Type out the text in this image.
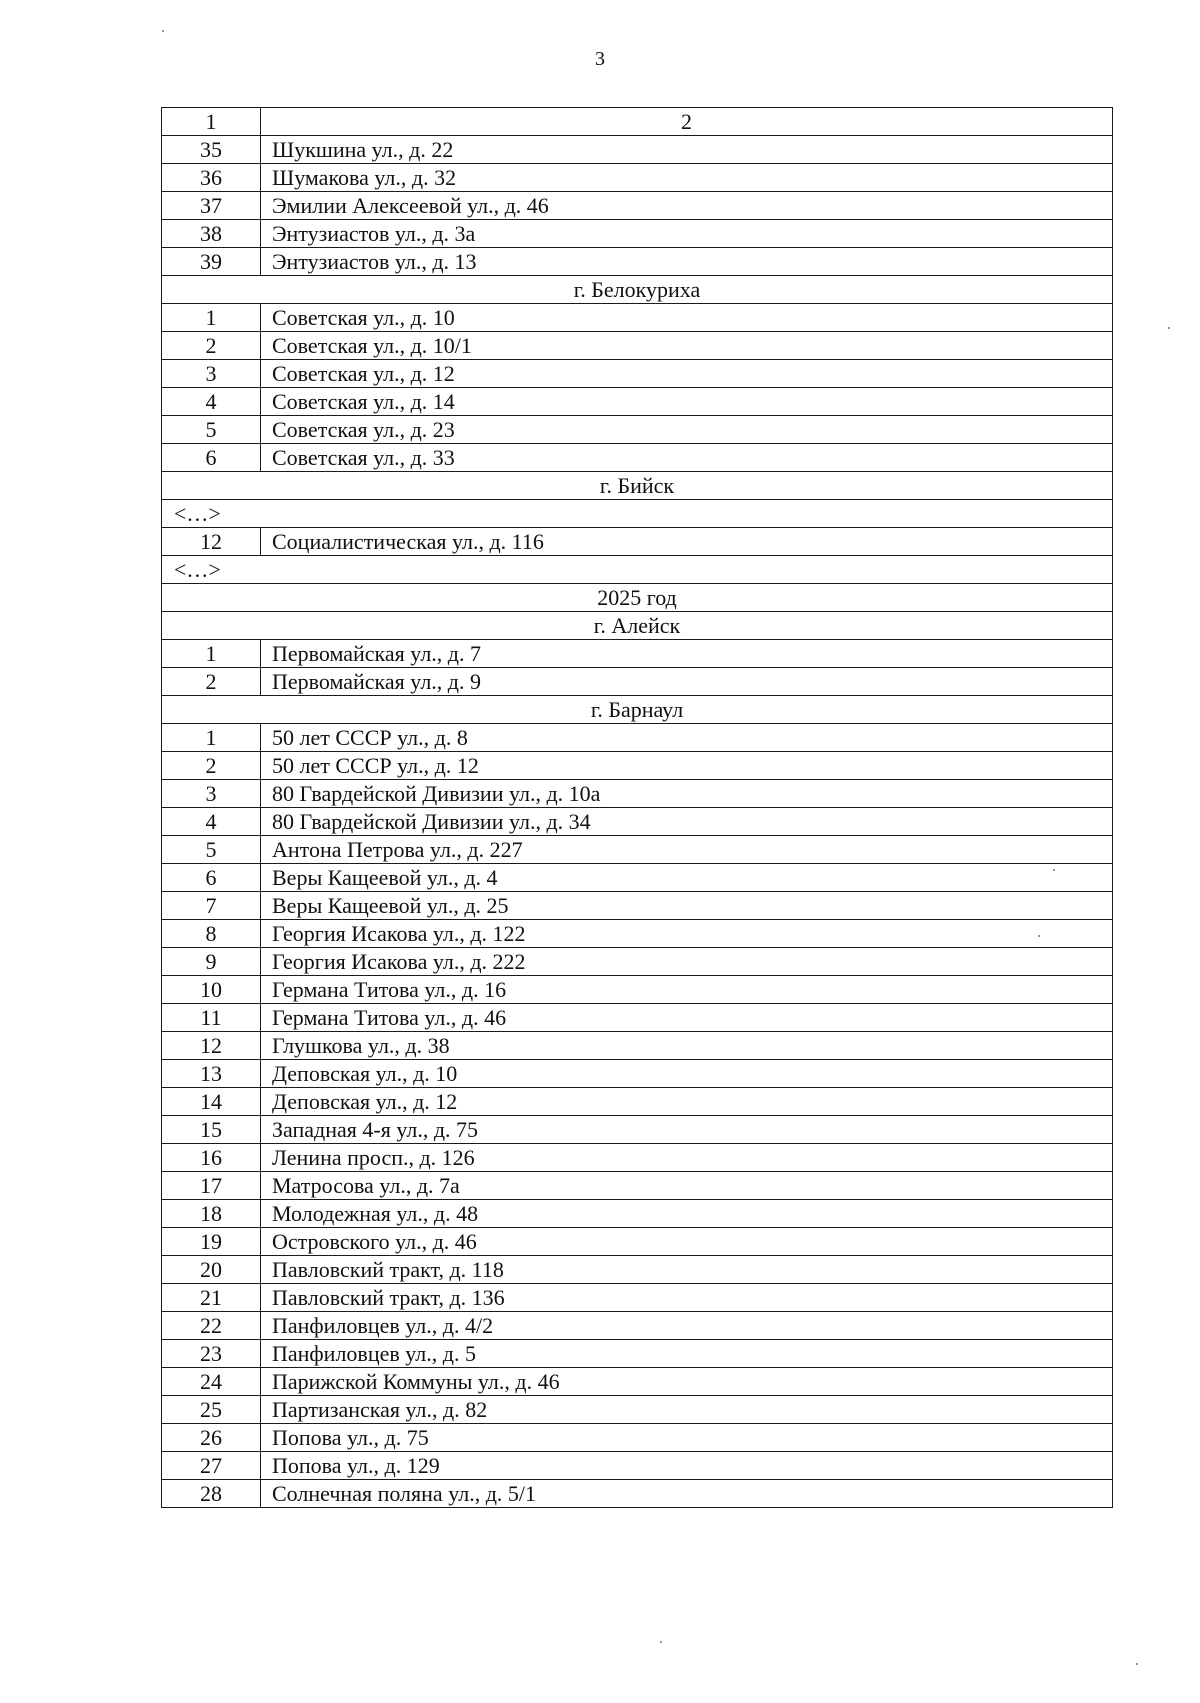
3
1	2
35	Шукшина ул., д. 22
36	Шумакова ул., д. 32
37	Эмилии Алексеевой ул., д. 46
38	Энтузиастов ул., д. 3а
39	Энтузиастов ул., д. 13
г. Белокуриха	
1	Советская ул., д. 10
2	Советская ул., д. 10/1
3	Советская ул., д. 12
4	Советская ул., д. 14
5	Советская ул., д. 23
6	Советская ул., д. 33
г. Бийск	
<…>	
12	Социалистическая ул., д. 116
<…>	
2025 год	
г. Алейск	
1	Первомайская ул., д. 7
2	Первомайская ул., д. 9
г. Барнаул	
1	50 лет СССР ул., д. 8
2	50 лет СССР ул., д. 12
3	80 Гвардейской Дивизии ул., д. 10а
4	80 Гвардейской Дивизии ул., д. 34
5	Антона Петрова ул., д. 227
6	Веры Кащеевой ул., д. 4
7	Веры Кащеевой ул., д. 25
8	Георгия Исакова ул., д. 122
9	Георгия Исакова ул., д. 222
10	Германа Титова ул., д. 16
11	Германа Титова ул., д. 46
12	Глушкова ул., д. 38
13	Деповская ул., д. 10
14	Деповская ул., д. 12
15	Западная 4-я ул., д. 75
16	Ленина просп., д. 126
17	Матросова ул., д. 7а
18	Молодежная ул., д. 48
19	Островского ул., д. 46
20	Павловский тракт, д. 118
21	Павловский тракт, д. 136
22	Панфиловцев ул., д. 4/2
23	Панфиловцев ул., д. 5
24	Парижской Коммуны ул., д. 46
25	Партизанская ул., д. 82
26	Попова ул., д. 75
27	Попова ул., д. 129
28	Солнечная поляна ул., д. 5/1
